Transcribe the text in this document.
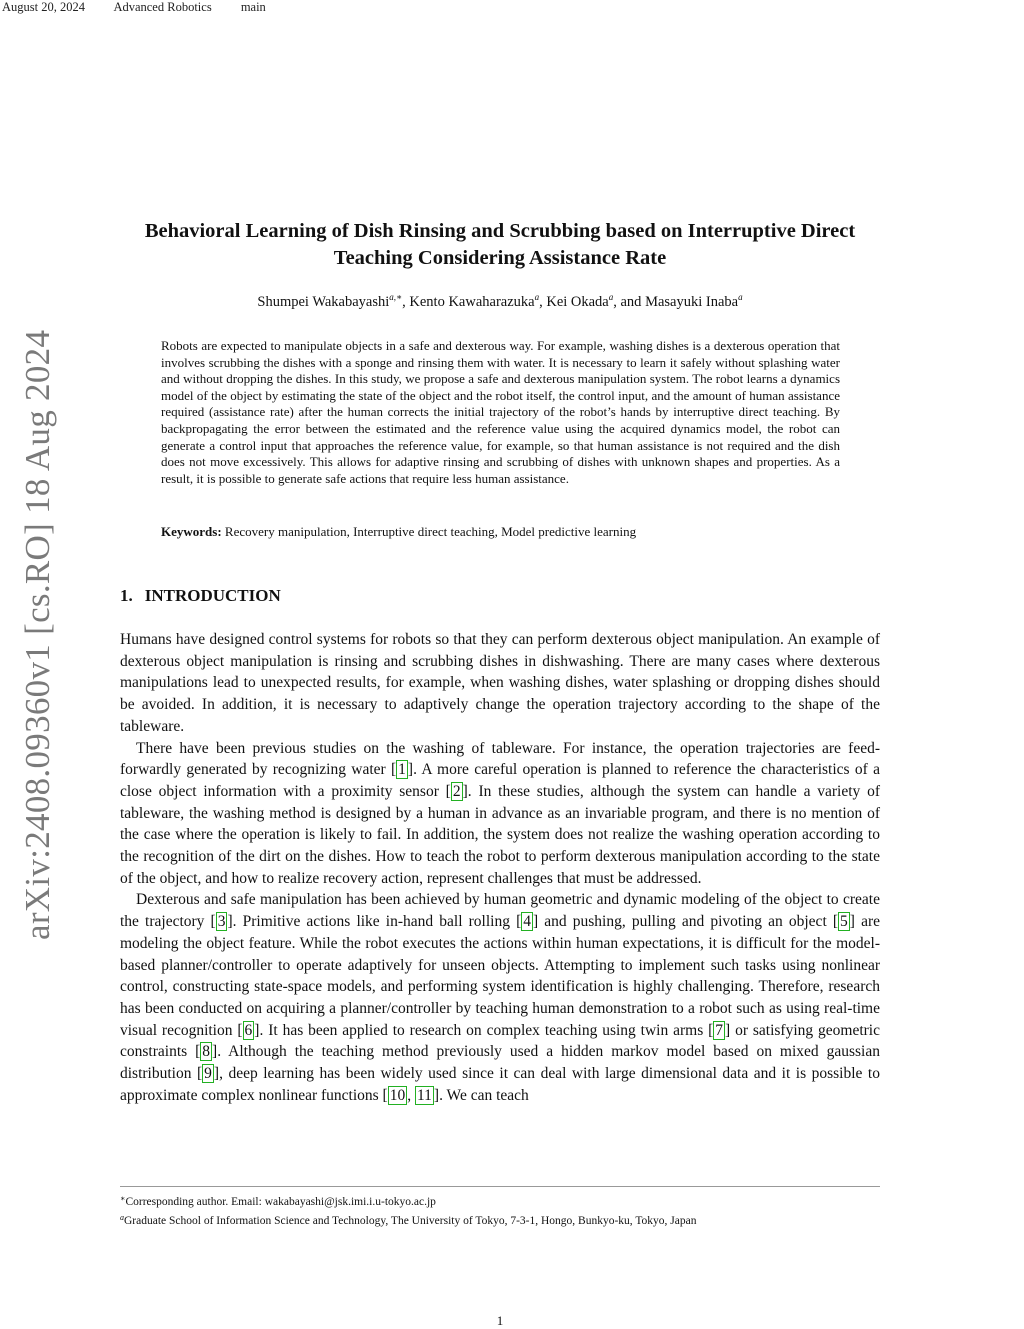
August 20, 2024 Advanced Robotics main
arXiv:2408.09360v1 [cs.RO] 18 Aug 2024
Behavioral Learning of Dish Rinsing and Scrubbing based on Interruptive Direct Teaching Considering Assistance Rate
Shumpei Wakabayashi$^{a,∗}$, Kento Kawaharazuka$^a$, Kei Okada$^a$, and Masayuki Inaba$^a$
Robots are expected to manipulate objects in a safe and dexterous way. For example, washing dishes is a dexterous operation that involves scrubbing the dishes with a sponge and rinsing them with water. It is necessary to learn it safely without splashing water and without dropping the dishes. In this study, we propose a safe and dexterous manipulation system. The robot learns a dynamics model of the object by estimating the state of the object and the robot itself, the control input, and the amount of human assistance required (assistance rate) after the human corrects the initial trajectory of the robot’s hands by interruptive direct teaching. By backpropagating the error between the estimated and the reference value using the acquired dynamics model, the robot can generate a control input that approaches the reference value, for example, so that human assistance is not required and the dish does not move excessively. This allows for adaptive rinsing and scrubbing of dishes with unknown shapes and properties. As a result, it is possible to generate safe actions that require less human assistance.
Keywords: Recovery manipulation, Interruptive direct teaching, Model predictive learning
1. INTRODUCTION

Humans have designed control systems for robots so that they can perform dexterous object manipulation. An example of dexterous object manipulation is rinsing and scrubbing dishes in dishwashing. There are many cases where dexterous manipulations lead to unexpected results, for example, when washing dishes, water splashing or dropping dishes should be avoided. In addition, it is necessary to adaptively change the operation trajectory according to the shape of the tableware.

There have been previous studies on the washing of tableware. For instance, the operation trajectories are feed-forwardly generated by recognizing water [ 1 ]. A more careful operation is planned to reference the characteristics of a close object information with a proximity sensor [ 2 ]. In these studies, although the system can handle a variety of tableware, the washing method is designed by a human in advance as an invariable program, and there is no mention of the case where the operation is likely to fail. In addition, the system does not realize the washing operation according to the recognition of the dirt on the dishes. How to teach the robot to perform dexterous manipulation according to the state of the object, and how to realize recovery action, represent challenges that must be addressed.

Dexterous and safe manipulation has been achieved by human geometric and dynamic modeling of the object to create the trajectory [ 3 ]. Primitive actions like in-hand ball rolling [ 4 ] and pushing, pulling and pivoting an object [ 5 ] are modeling the object feature. While the robot executes the actions within human expectations, it is difficult for the model-based planner/controller to operate adaptively for unseen objects. Attempting to implement such tasks using nonlinear control, constructing state-space models, and performing system identification is highly challenging. Therefore, research has been conducted on acquiring a planner/controller by teaching human demonstration to a robot such as using real-time visual recognition [ 6 ]. It has been applied to research on complex teaching using twin arms [ 7 ] or satisfying geometric constraints [ 8 ]. Although the teaching method previously used a hidden markov model based on mixed gaussian distribution [ 9 ], deep learning has been widely used since it can deal with large dimensional data and it is possible to approximate complex nonlinear functions [ 10 , 11 ]. We can teach

∗Corresponding author. Email: wakabayashi@jsk.imi.i.u-tokyo.ac.jp
$^a$Graduate School of Information Science and Technology, The University of Tokyo, 7-3-1, Hongo, Bunkyo-ku, Tokyo, Japan
1
